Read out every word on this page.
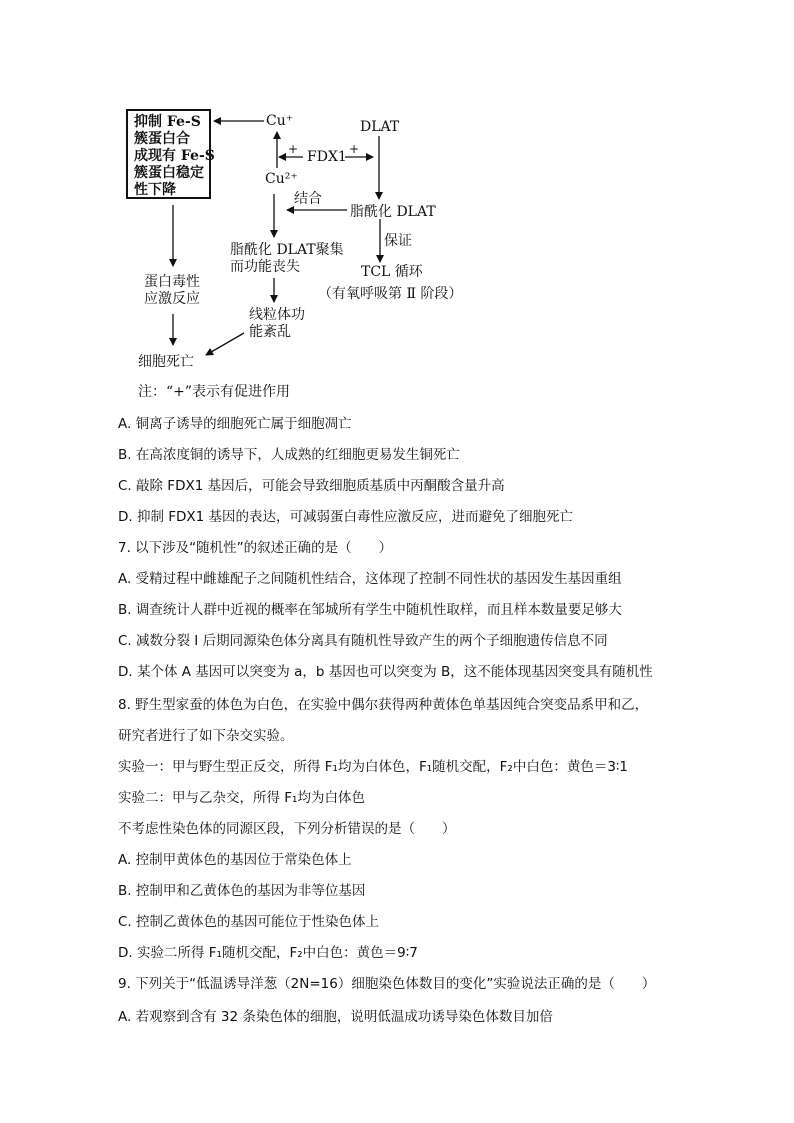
抑制 Fe-S
簇蛋白合
成现有 Fe-S
簇蛋白稳定
性下降
Cu⁺
Cu²⁺
DLAT
FDX1
+	+
结合
脂酰化 DLAT
保证
脂酰化 DLAT聚集
而功能丧失	TCL 循环
（有氧呼吸第 Ⅱ 阶段）
蛋白毒性
应激反应
线粒体功
能紊乱
细胞死亡
注：“+”表示有促进作用
A. 铜离子诱导的细胞死亡属于细胞凋亡
B. 在高浓度铜的诱导下，人成熟的红细胞更易发生铜死亡
C. 敲除 FDX1 基因后，可能会导致细胞质基质中丙酮酸含量升高
D. 抑制 FDX1 基因的表达，可减弱蛋白毒性应激反应，进而避免了细胞死亡
7. 以下涉及“随机性”的叙述正确的是（　　）
A. 受精过程中雌雄配子之间随机性结合，这体现了控制不同性状的基因发生基因重组
B. 调查统计人群中近视的概率在邹城所有学生中随机性取样，而且样本数量要足够大
C. 减数分裂 I 后期同源染色体分离具有随机性导致产生的两个子细胞遗传信息不同
D. 某个体 A 基因可以突变为 a，b 基因也可以突变为 B，这不能体现基因突变具有随机性
8. 野生型家蚕的体色为白色，在实验中偶尔获得两种黄体色单基因纯合突变品系甲和乙，
研究者进行了如下杂交实验。
实验一：甲与野生型正反交，所得 F₁均为白体色，F₁随机交配，F₂中白色：黄色＝3∶1
实验二：甲与乙杂交，所得 F₁均为白体色
不考虑性染色体的同源区段，下列分析错误的是（　　）
A. 控制甲黄体色的基因位于常染色体上
B. 控制甲和乙黄体色的基因为非等位基因
C. 控制乙黄体色的基因可能位于性染色体上
D. 实验二所得 F₁随机交配，F₂中白色：黄色＝9∶7
9. 下列关于“低温诱导洋葱（2N=16）细胞染色体数目的变化”实验说法正确的是（　　）
A. 若观察到含有 32 条染色体的细胞，说明低温成功诱导染色体数目加倍
